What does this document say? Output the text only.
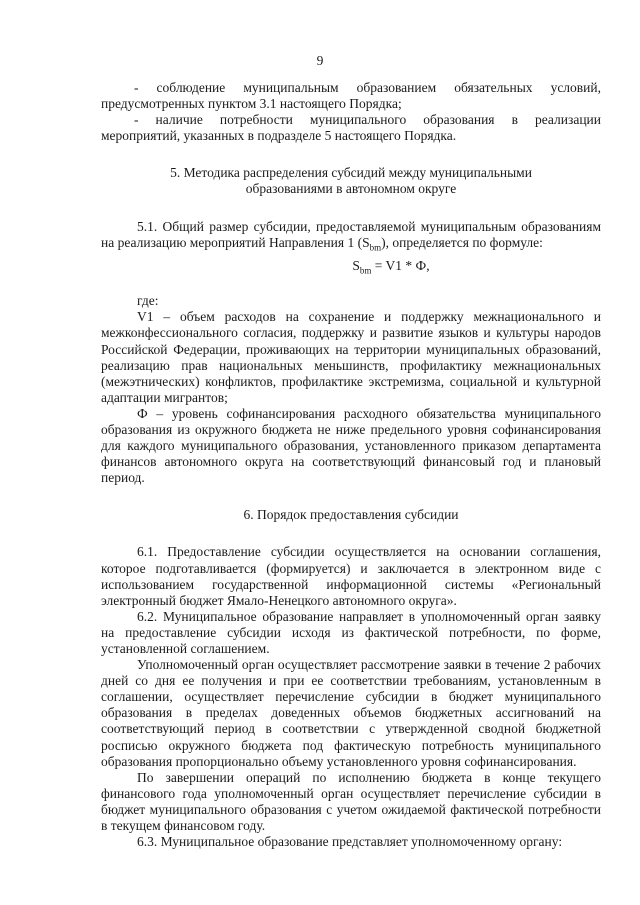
9

- соблюдение муниципальным образованием обязательных условий, предусмотренных пунктом 3.1 настоящего Порядка;

- наличие потребности муниципального образования в реализации мероприятий, указанных в подразделе 5 настоящего Порядка.

5. Методика распределения субсидий между муниципальными

образованиями в автономном округе

5.1. Общий размер субсидии, предоставляемой муниципальным образованиям на реализацию мероприятий Направления 1 $(S_{bm})$, определяется по формуле:

$S_{bm} = V1 * Ф$,

где:

V1 – объем расходов на сохранение и поддержку межнационального и межконфессионального согласия, поддержку и развитие языков и культуры народов Российской Федерации, проживающих на территории муниципальных образований, реализацию прав национальных меньшинств, профилактику межнациональных (межэтнических) конфликтов, профилактике экстремизма, социальной и культурной адаптации мигрантов;

Ф – уровень софинансирования расходного обязательства муниципального образования из окружного бюджета не ниже предельного уровня софинансирования для каждого муниципального образования, установленного приказом департамента финансов автономного округа на соответствующий финансовый год и плановый период.

6. Порядок предоставления субсидии

6.1. Предоставление субсидии осуществляется на основании соглашения, которое подготавливается (формируется) и заключается в электронном виде с использованием государственной информационной системы «Региональный электронный бюджет Ямало-Ненецкого автономного округа».

6.2. Муниципальное образование направляет в уполномоченный орган заявку на предоставление субсидии исходя из фактической потребности, по форме, установленной соглашением.

Уполномоченный орган осуществляет рассмотрение заявки в течение 2 рабочих дней со дня ее получения и при ее соответствии требованиям, установленным в соглашении, осуществляет перечисление субсидии в бюджет муниципального образования в пределах доведенных объемов бюджетных ассигнований на соответствующий период в соответствии с утвержденной сводной бюджетной росписью окружного бюджета под фактическую потребность муниципального образования пропорционально объему установленного уровня софинансирования.

По завершении операций по исполнению бюджета в конце текущего финансового года уполномоченный орган осуществляет перечисление субсидии в бюджет муниципального образования с учетом ожидаемой фактической потребности в текущем финансовом году.

6.3. Муниципальное образование представляет уполномоченному органу:
